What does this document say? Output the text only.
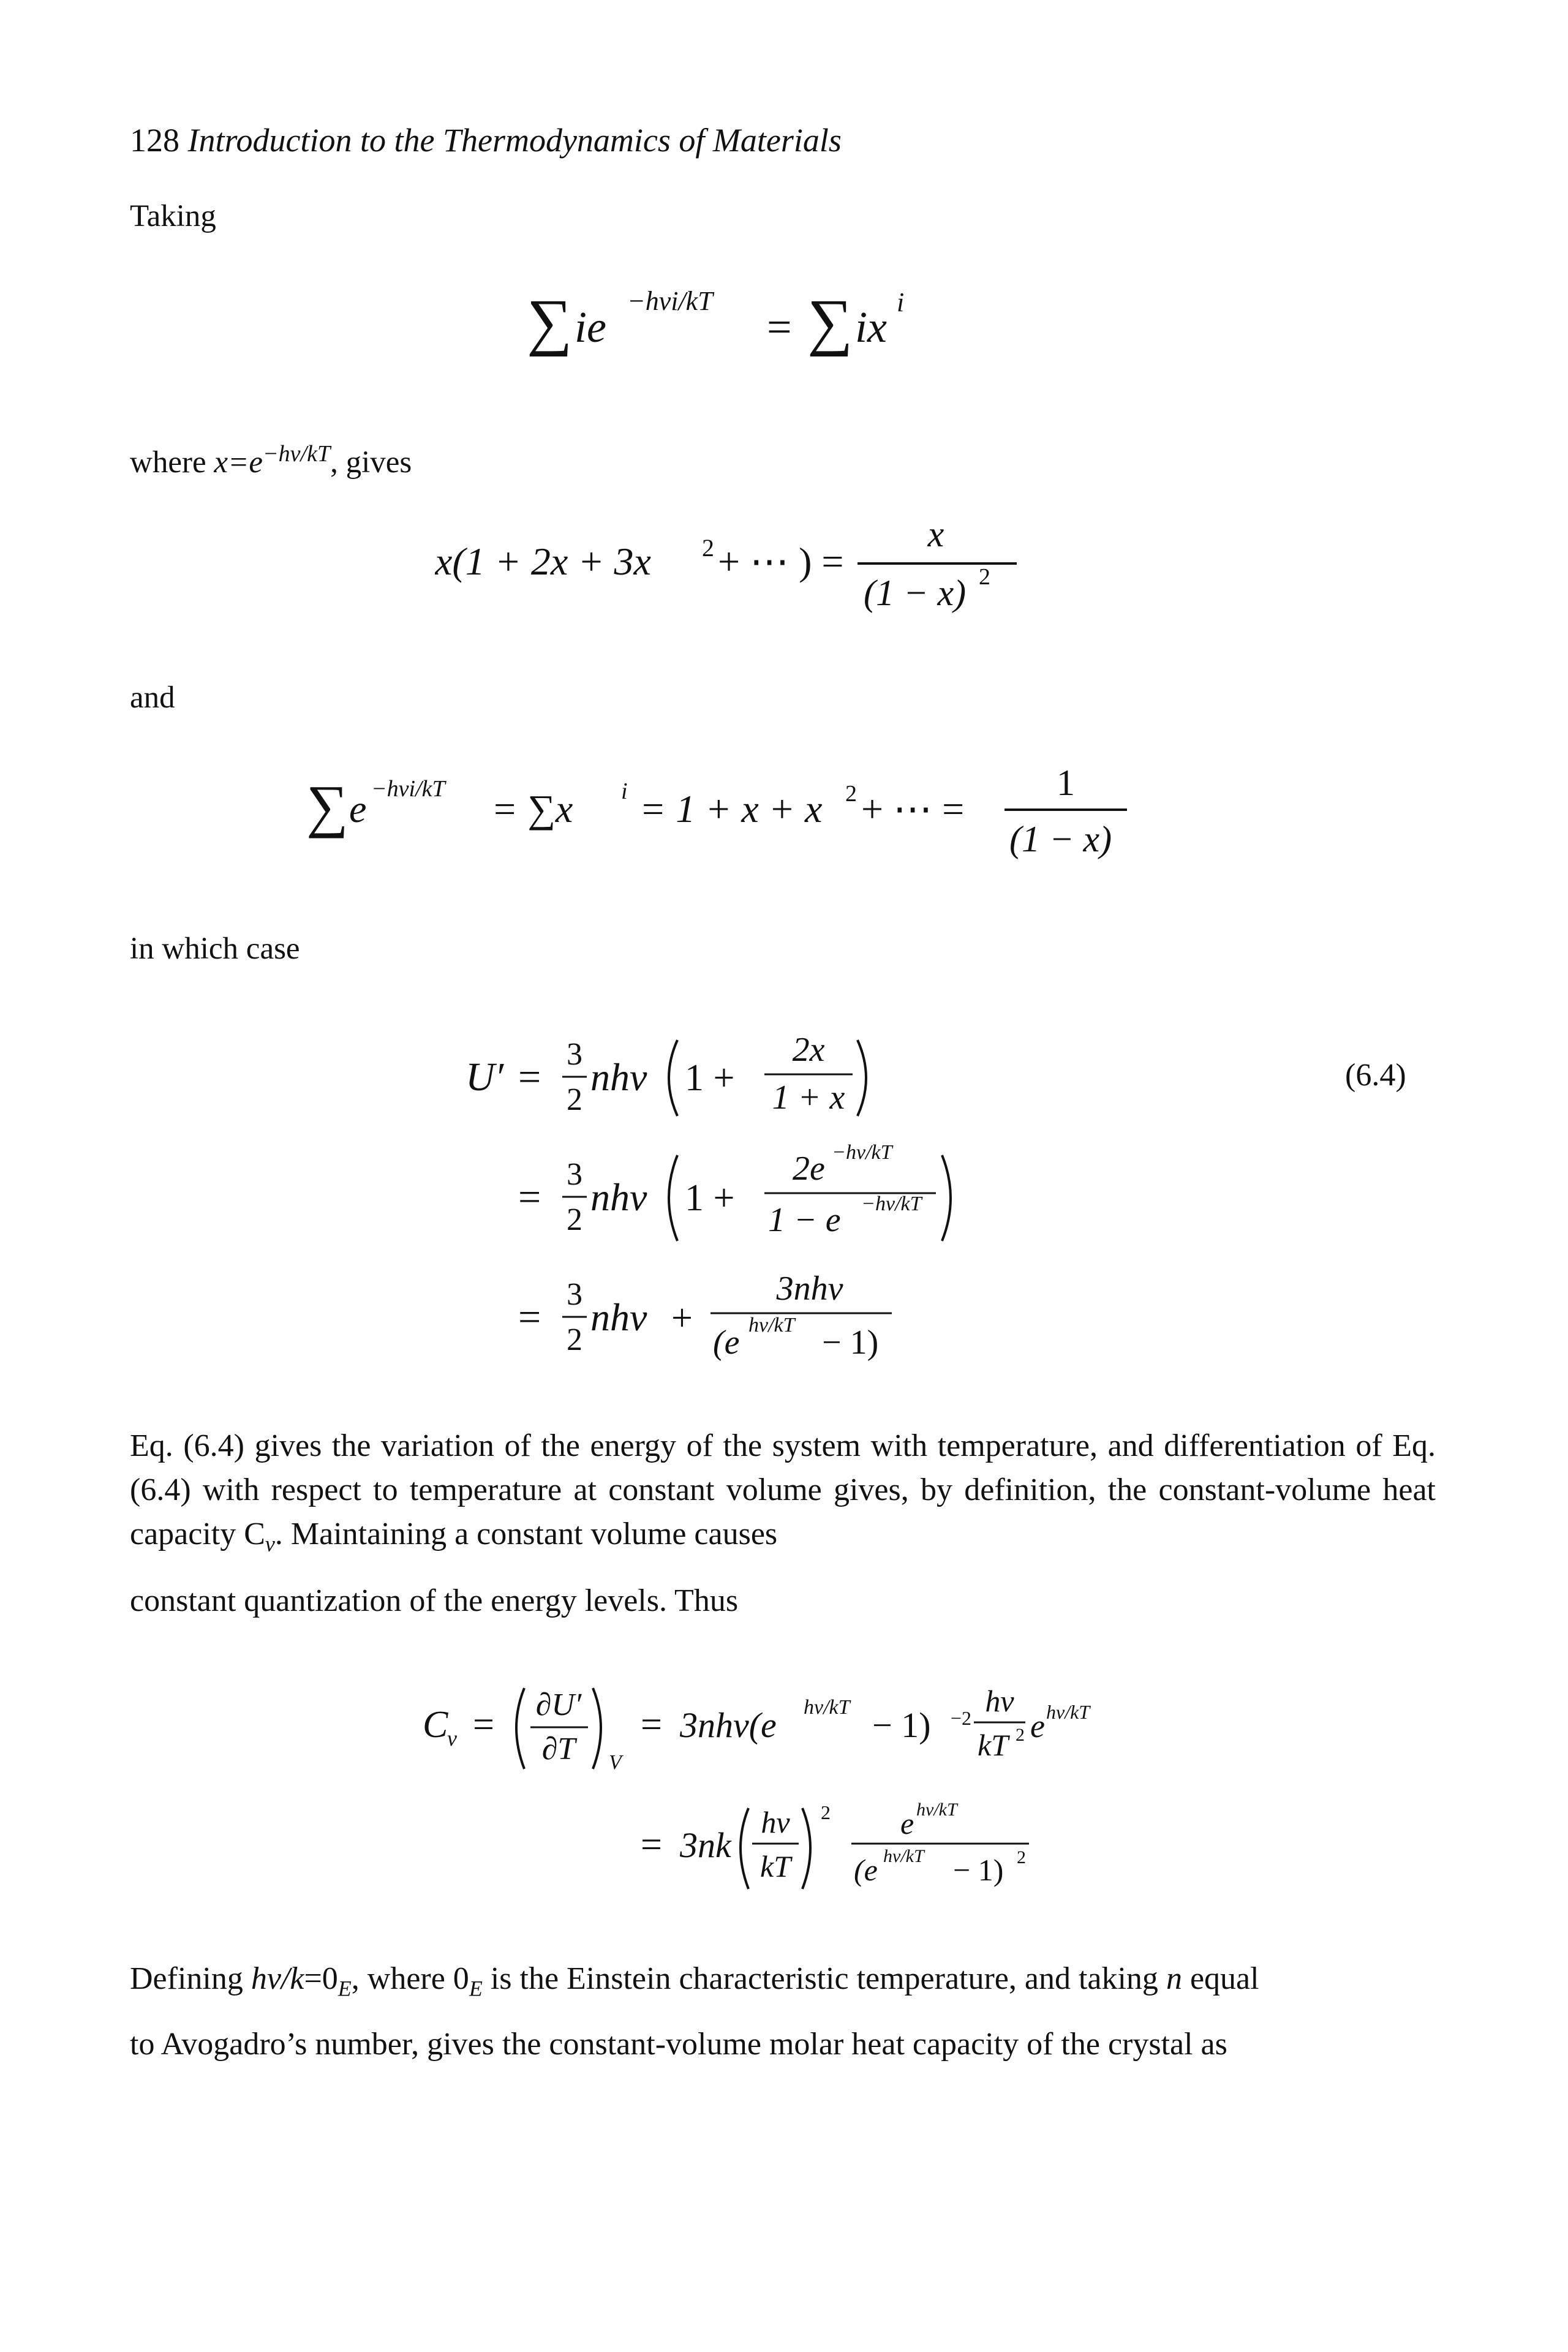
128 Introduction to the Thermodynamics of Materials
Taking
∑ ie
−hνi/kT
= ∑ ix
i
where $x=e^{-h\nu/kT}$, gives
x(1 + 2x + 3x 2 + ⋯ ) =
x
(1 − x) 2
and
∑ e −hνi/kT = ∑x i = 1 + x + x 2 + ⋯ =
1
(1 − x)
in which case
U′ =
3
2
nhν 1 +
2x
1 + x
=
3
2
nhν 1 +
2e −hν/kT
1 − e −hν/kT
=
3
2
nhν +
3nhν
(e hν/kT − 1)
(6.4)
Eq. (6.4) gives the variation of the energy of the system with temperature, and differentiation of Eq. (6.4) with respect to temperature at constant volume gives, by definition, the constant-volume heat capacity $C_v$. Maintaining a constant volume causes
constant quantization of the energy levels. Thus
C
v = ∂U′
∂T V
= 3nhν(e hν/kT − 1) −2 hν
kT 2 e hν/kT
= 3nk
hν
kT
2 e hν/kT
(e hν/kT − 1) 2
Defining $h\nu/k=0_E$, where $0_E$ is the Einstein characteristic temperature, and taking n equal
to Avogadro’s number, gives the constant-volume molar heat capacity of the crystal as
